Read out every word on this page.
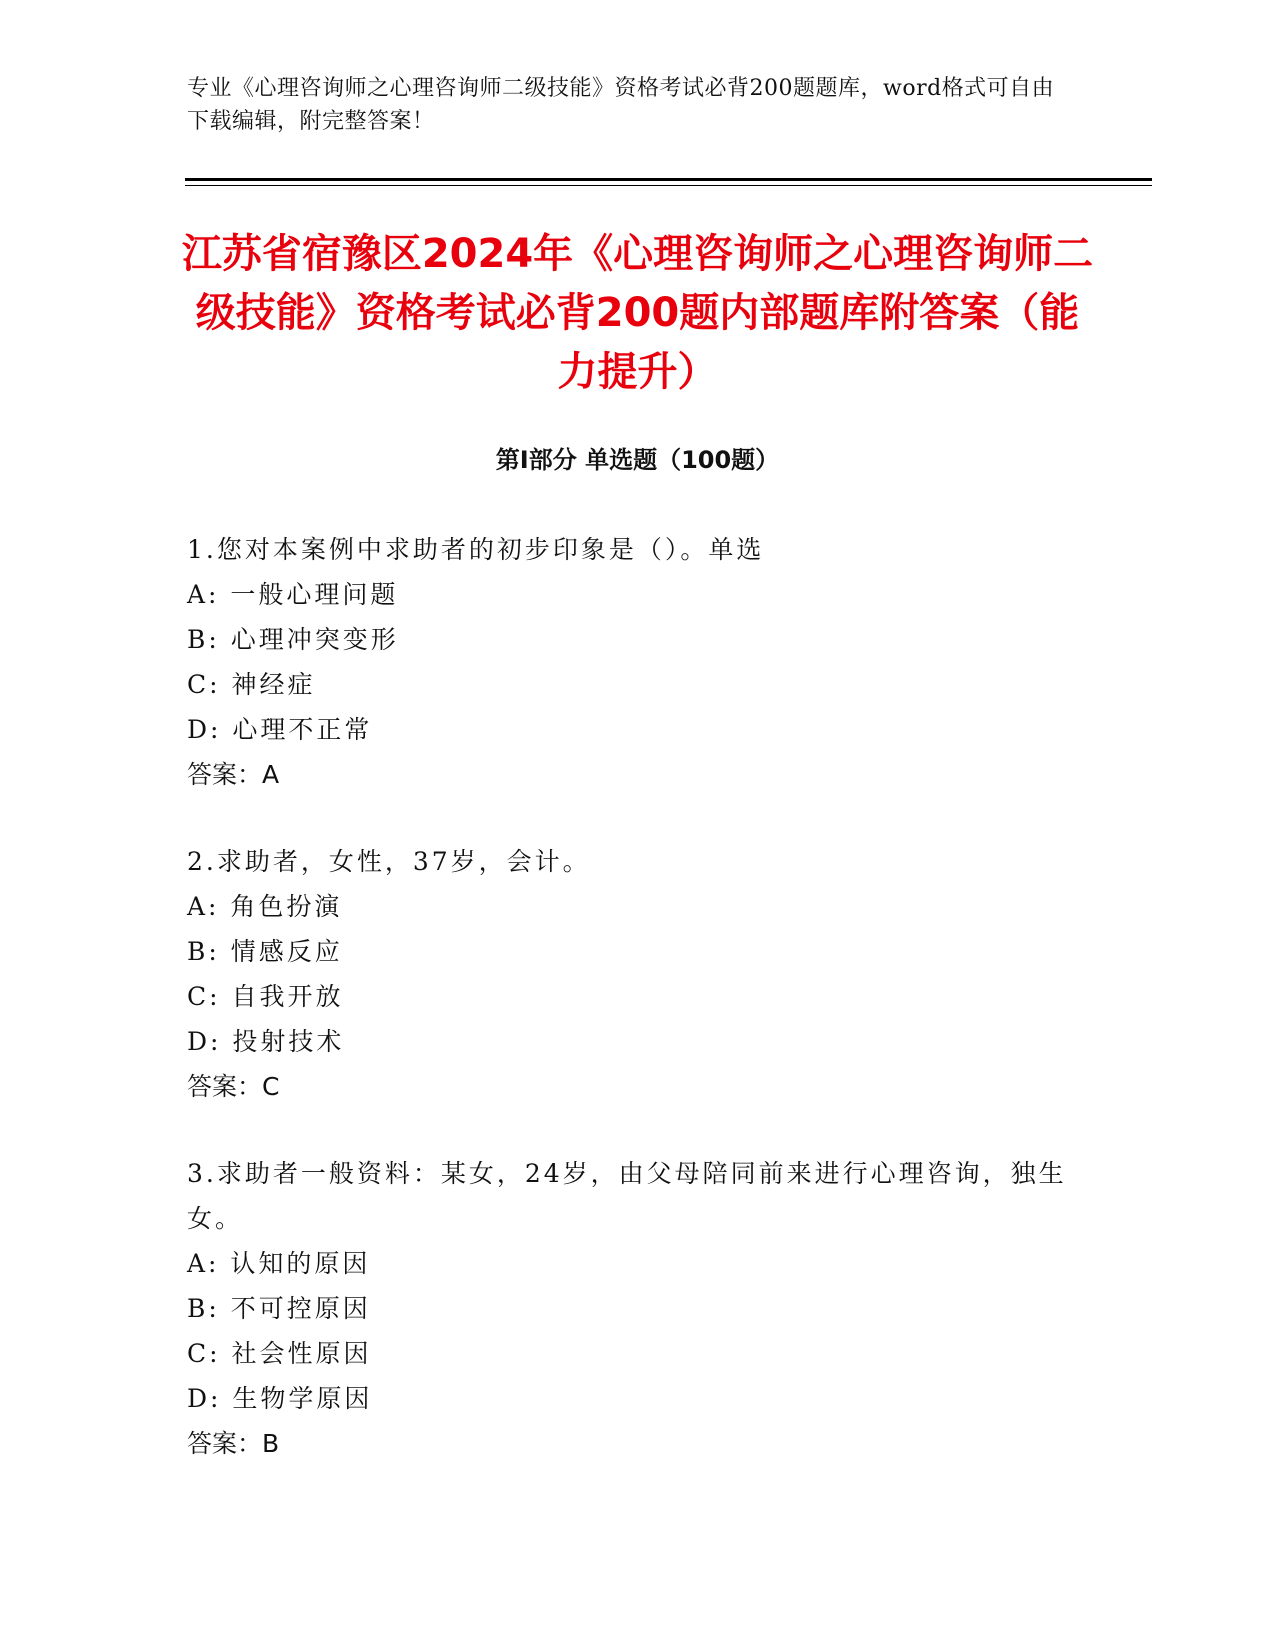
专业《心理咨询师之心理咨询师二级技能》资格考试必背200题题库，word格式可自由下载编辑，附完整答案！
江苏省宿豫区2024年《心理咨询师之心理咨询师二级技能》资格考试必背200题内部题库附答案（能力提升）
第Ⅰ部分 单选题（100题）

1.您对本案例中求助者的初步印象是（）。单选

A: 一般心理问题

B: 心理冲突变形

C: 神经症

D: 心理不正常

答案：A

2.求助者，女性，37岁，会计。

A: 角色扮演

B: 情感反应

C: 自我开放

D: 投射技术

答案：C

3.求助者一般资料：某女，24岁，由父母陪同前来进行心理咨询，独生女。

A: 认知的原因

B: 不可控原因

C: 社会性原因

D: 生物学原因

答案：B
